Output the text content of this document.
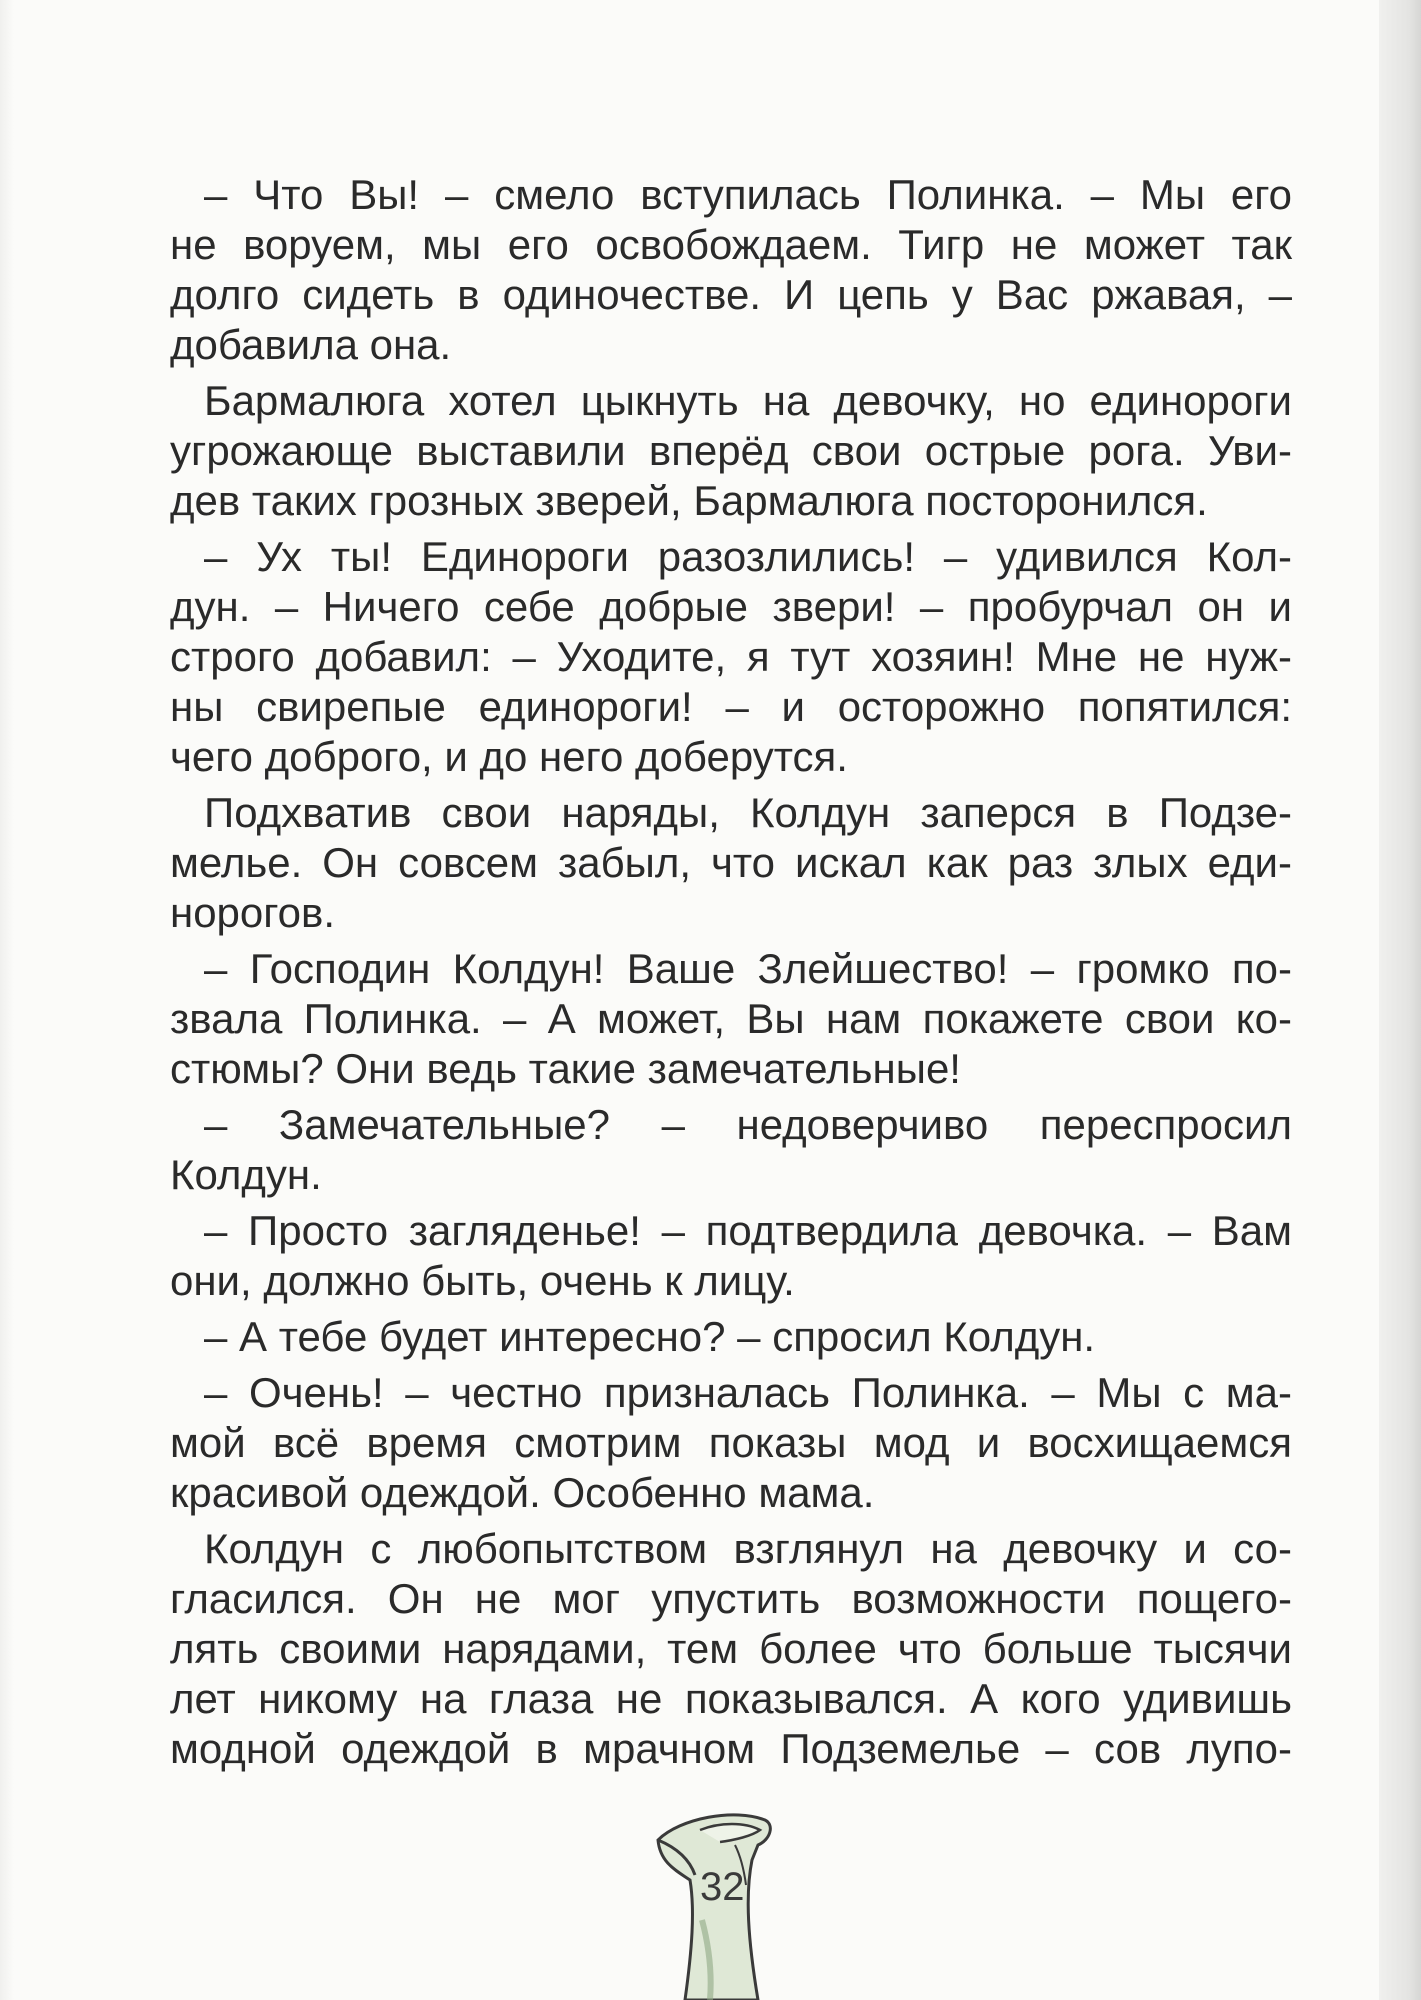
– Что Вы! – смело вступилась Полинка. – Мы его
не воруем, мы его освобождаем. Тигр не может так
долго сидеть в одиночестве. И цепь у Вас ржавая, –
добавила она.

Бармалюга хотел цыкнуть на девочку, но единороги
угрожающе выставили вперёд свои острые рога. Уви-
дев таких грозных зверей, Бармалюга посторонился.

– Ух ты! Единороги разозлились! – удивился Кол-
дун. – Ничего себе добрые звери! – пробурчал он и
строго добавил: – Уходите, я тут хозяин! Мне не нуж-
ны свирепые единороги! – и осторожно попятился:
чего доброго, и до него доберутся.

Подхватив свои наряды, Колдун заперся в Подзе-
мелье. Он совсем забыл, что искал как раз злых еди-
норогов.

– Господин Колдун! Ваше Злейшество! – громко по-
звала Полинка. – А может, Вы нам покажете свои ко-
стюмы? Они ведь такие замечательные!

– Замечательные? – недоверчиво переспросил
Колдун.

– Просто загляденье! – подтвердила девочка. – Вам
они, должно быть, очень к лицу.

– А тебе будет интересно? – спросил Колдун.

– Очень! – честно призналась Полинка. – Мы с ма-
мой всё время смотрим показы мод и восхищаемся
красивой одеждой. Особенно мама.

Колдун с любопытством взглянул на девочку и со-
гласился. Он не мог упустить возможности пощего-
лять своими нарядами, тем более что больше тысячи
лет никому на глаза не показывался. А кого удивишь
модной одеждой в мрачном Подземелье – сов лупо-

32
